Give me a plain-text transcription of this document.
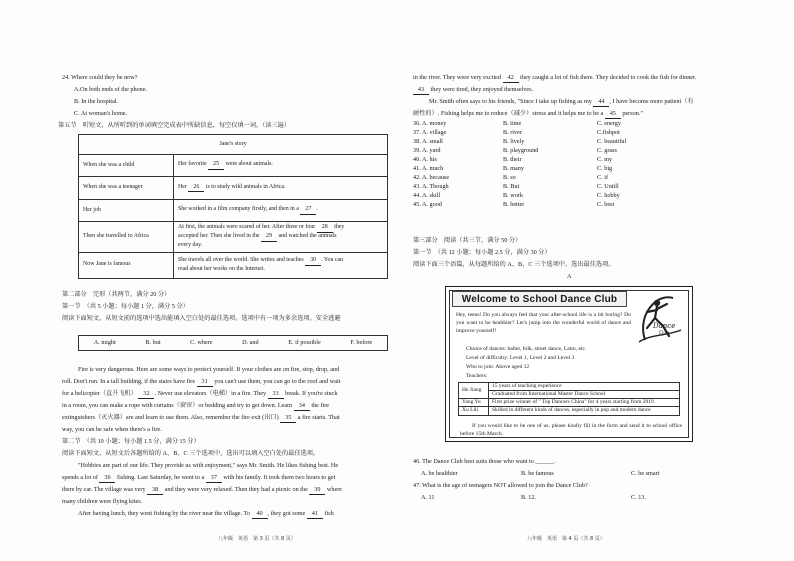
24. Where could they be now?
A.On both ends of the phone.
B. In the hospital.
C. At woman's home.
第五节　听短文，从所听到的单词填空完成表中所缺信息，每空仅填一词。（读三遍）
Jane's story	
When she was a child	Her favorite 25 were about animals.
When she was a teenager	Her 26 is to study wild animals in Africa.
Her job	She worked in a film company firstly, and then in a 27 .
Then she travelled to Africa	At first, the animals were scared of her. After three or four 28 they
accepted her. Then she lived in the 29 and watched the animals
every day.

Now Jane is famous	She travels all over the world. She writes and teaches 30 . You can
read about her works on the Internet.
第二部分　完形（共两节，满分 20 分）
第一节　（共 5 小题；每小题 1 分，满分 5 分）
阅读下面短文，从短文前的选项中选出能填入空白处的最佳选项。选项中有一项为多余选项。安全逃避
A. might	B. but	C. where	D. and	E. if possible	F. before
Fire is very dangerous. Here are some ways to protect yourself. If your clothes are on fire, stop, drop, and
roll. Don't run. In a tall building, if the stairs have fire 31 you can't use them, you can go to the roof and wait
for a helicopter（直升飞机） 32 . Never use elevators（电梯）in a fire. They 33 break. If you're stuck
in a room, you can make a rope with curtains（窗帘）or bedding and try to get down. Learn 34 the fire
extinguishers（灭火器）are and learn to use them. Also, remember the fire exit (出口) 35 a fire starts. That
way, you can be safe when there's a fire.
第二节　（共 10 小题；每小题 1.5 分，满分 15 分）
阅读下面短文，从短文后各题所给的 A、B、C 三个选项中，选出可以填入空白处的最佳选项。
"Hobbies are part of our life. They provide us with enjoyment," says Mr. Smith. He likes fishing best. He
spends a lot of 36 fishing. Last Saturday, he went to a 37 with his family. It took them two hours to get
there by car. The village was very 38 and they were very relaxed. Then they had a picnic on the 39 where
many children were flying kites.
After having lunch, they went fishing by the river near the village. To 40 , they got some 41 fish
八年级　英语　第 3 页（共 8 页）
in the river. They were very excited 42 they caught a lot of fish there. They decided to cook the fish for dinner.
43 they were tired, they enjoyed themselves.
Mr. Smith often says to his friends, "Since I take up fishing as my 44 , I have become more patient（有
耐性的）. Fishing helps me to reduce（减少）stress and it helps me to be a 45 person."
36. A. money	B. time	C. energy
37. A. village	B. river	C.fishpot
38. A. small	B. lively	C. beautiful
39. A. yard	B. playground	C. grass
40. A. his	B. their	C. my
41. A. much	B. many	C. big
42. A. because	B. so	C. if
43. A. Though	B. But	C. Untill
44. A. skill	B. work	C. hobby
45. A. good	B. better	C. best
第三部分　阅读（共三节，满分 50 分）
第一节　（共 12 小题；每小题 2.5 分，满分 30 分）
阅读下面三个语篇，从每题所给的 A、B、C 三个选项中，选出最佳选项。
A
Welcome to School Dance Club
Dance
Club

Hey, teens! Do you always feel that your after-school life is a bit boring? Do you want to be healthier? Let's jump into the wonderful world of dance and improve yourself!

Choice of dances: ballet, folk, street dance, Latin, etc.
Level of difficulty: Level 1, Level 2 and Level 3
Who to join: Above aged 12
Teachers:
He Jiang	15 years of teaching experience
	Graduated from International Master Dance School
Yang Yu	First prize winner of " Top Dancers China" for 4 years starting from 2019
Xu Lili	Skilled in different kinds of dances, especially in pop and modern dance

If you would like to be one of us, please kindly fill in the form and send it to school office before 15th March.

46. The Dance Club best suits those who want to ______.
A. be healthier	B. be famous	C. be smart
47. What is the age of teenagers NOT allowed to join the Dance Club?
A. 11	B. 12.	C. 13.
八年级　英语　第 4 页（共 8 页）
